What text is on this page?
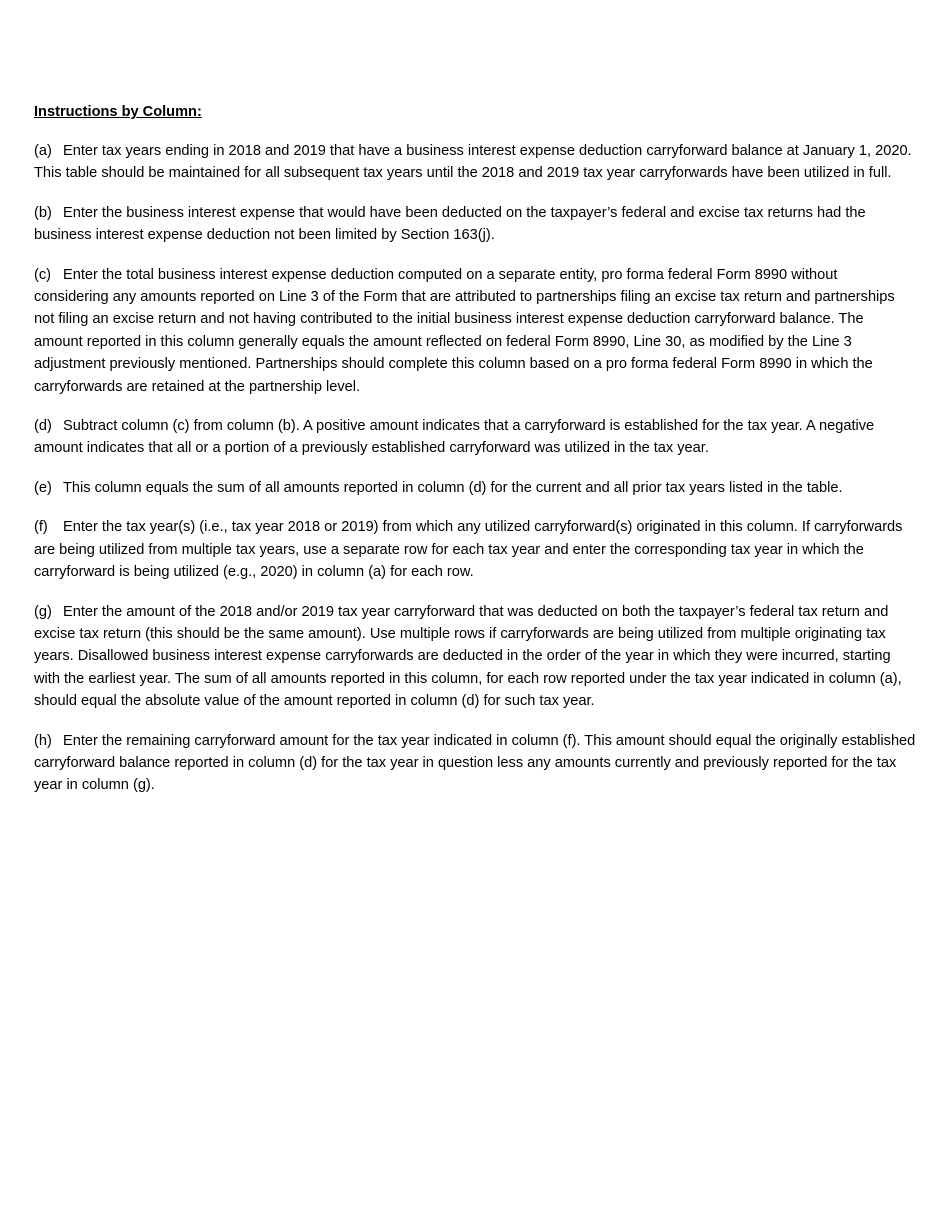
Instructions by Column:

(a) Enter tax years ending in 2018 and 2019 that have a business interest expense deduction carryforward balance at January 1, 2020. This table should be maintained for all subsequent tax years until the 2018 and 2019 tax year carryforwards have been utilized in full.

(b) Enter the business interest expense that would have been deducted on the taxpayer’s federal and excise tax returns had the business interest expense deduction not been limited by Section 163(j).

(c) Enter the total business interest expense deduction computed on a separate entity, pro forma federal Form 8990 without considering any amounts reported on Line 3 of the Form that are attributed to partnerships filing an excise tax return and partnerships not filing an excise return and not having contributed to the initial business interest expense deduction carryforward balance. The amount reported in this column generally equals the amount reflected on federal Form 8990, Line 30, as modified by the Line 3 adjustment previously mentioned. Partnerships should complete this column based on a pro forma federal Form 8990 in which the carryforwards are retained at the partnership level.

(d) Subtract column (c) from column (b). A positive amount indicates that a carryforward is established for the tax year. A negative amount indicates that all or a portion of a previously established carryforward was utilized in the tax year.

(e) This column equals the sum of all amounts reported in column (d) for the current and all prior tax years listed in the table.

(f) Enter the tax year(s) (i.e., tax year 2018 or 2019) from which any utilized carryforward(s) originated in this column. If carryforwards are being utilized from multiple tax years, use a separate row for each tax year and enter the corresponding tax year in which the carryforward is being utilized (e.g., 2020) in column (a) for each row.

(g) Enter the amount of the 2018 and/or 2019 tax year carryforward that was deducted on both the taxpayer’s federal tax return and excise tax return (this should be the same amount). Use multiple rows if carryforwards are being utilized from multiple originating tax years. Disallowed business interest expense carryforwards are deducted in the order of the year in which they were incurred, starting with the earliest year. The sum of all amounts reported in this column, for each row reported under the tax year indicated in column (a), should equal the absolute value of the amount reported in column (d) for such tax year.

(h) Enter the remaining carryforward amount for the tax year indicated in column (f). This amount should equal the originally established carryforward balance reported in column (d) for the tax year in question less any amounts currently and previously reported for the tax year in column (g).
